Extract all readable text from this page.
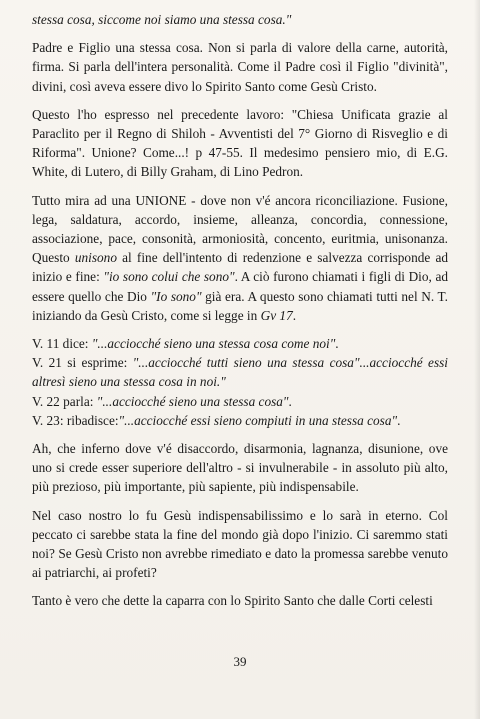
stessa cosa, siccome noi siamo una stessa cosa."

Padre e Figlio una stessa cosa. Non si parla di valore della carne, autorità, firma. Si parla dell'intera personalità. Come il Padre così il Figlio "divinità", divini, così aveva essere divo lo Spirito Santo come Gesù Cristo.

Questo l'ho espresso nel precedente lavoro: "Chiesa Unificata grazie al Paraclito per il Regno di Shiloh - Avventisti del 7° Giorno di Risveglio e di Riforma". Unione? Come...! p 47-55. Il medesimo pensiero mio, di E.G. White, di Lutero, di Billy Graham, di Lino Pedron.

Tutto mira ad una UNIONE - dove non v'é ancora riconciliazione. Fusione, lega, saldatura, accordo, insieme, alleanza, concordia, connessione, associazione, pace, consonità, armoniosità, concento, euritmia, unisonanza. Questo unisono al fine dell'intento di redenzione e salvezza corrisponde ad inizio e fine: "io sono colui che sono". A ciò furono chiamati i figli di Dio, ad essere quello che Dio "Io sono" già era. A questo sono chiamati tutti nel N. T. iniziando da Gesù Cristo, come si legge in Gv 17.

V. 11 dice: "...acciocché sieno una stessa cosa come noi".

V. 21 si esprime: "...acciocché tutti sieno una stessa cosa"...acciocché essi altresì sieno una stessa cosa in noi."

V. 22 parla: "...acciocché sieno una stessa cosa".

V. 23: ribadisce:"...acciocché essi sieno compiuti in una stessa cosa".

Ah, che inferno dove v'é disaccordo, disarmonia, lagnanza, disunione, ove uno si crede esser superiore dell'altro - si invulnerabile - in assoluto più alto, più prezioso, più importante, più sapiente, più indispensabile.

Nel caso nostro lo fu Gesù indispensabilissimo e lo sarà in eterno. Col peccato ci sarebbe stata la fine del mondo già dopo l'inizio. Ci saremmo stati noi? Se Gesù Cristo non avrebbe rimediato e dato la promessa sarebbe venuto ai patriarchi, ai profeti?

Tanto è vero che dette la caparra con lo Spirito Santo che dalle Corti celesti

39
